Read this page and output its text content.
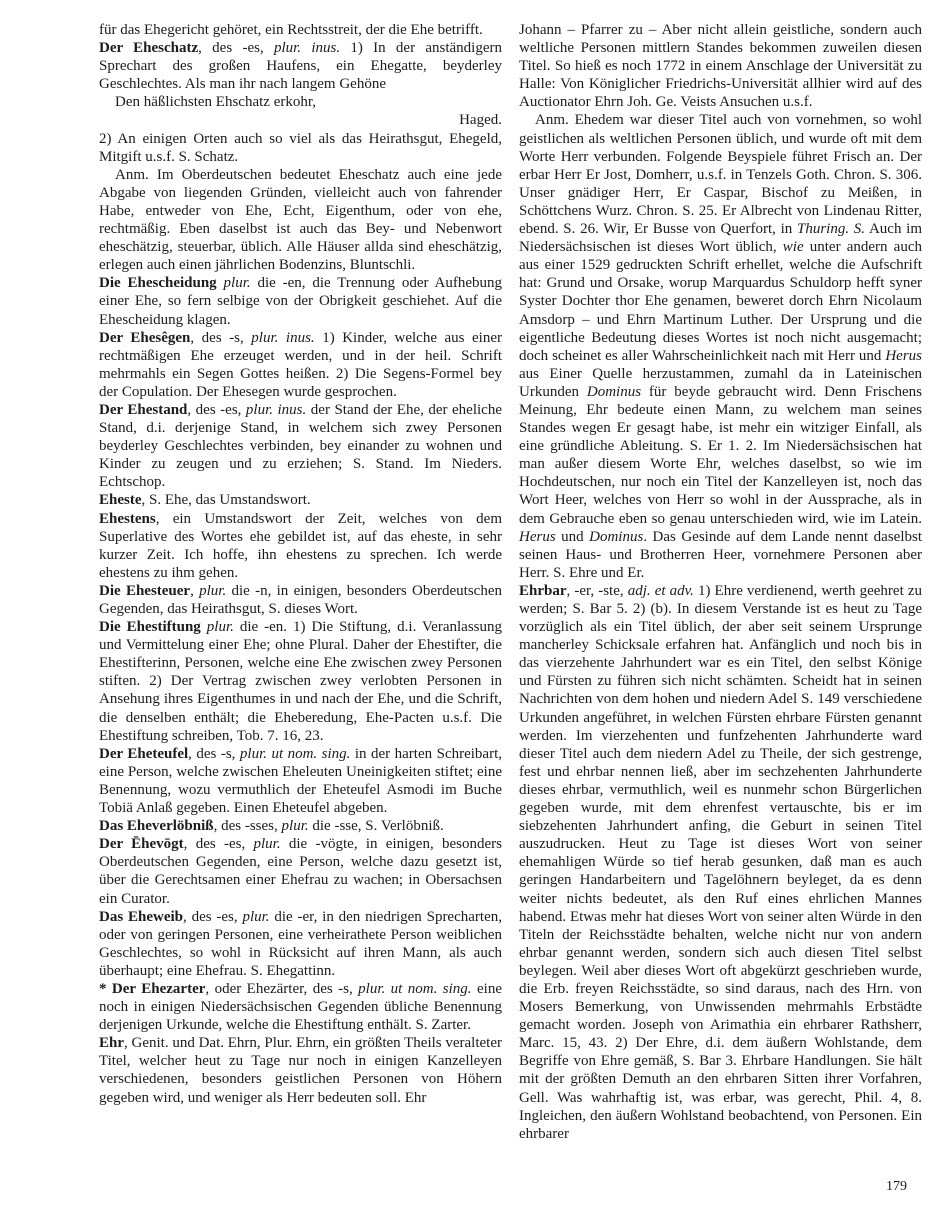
für das Ehegericht gehöret, ein Rechtsstreit, der die Ehe betrifft.
Der Eheschatz, des -es, plur. inus. 1) In der anständigern Sprechart des großen Haufens, ein Ehegatte, beyderley Geschlechtes. Als man ihr nach langem Gehöne
Den häßlichsten Ehschatz erkohr,
Haged.
2) An einigen Orten auch so viel als das Heirathsgut, Ehegeld, Mitgift u.s.f. S. Schatz.
Anm. Im Oberdeutschen bedeutet Eheschatz auch eine jede Abgabe von liegenden Gründen, vielleicht auch von fahrender Habe, entweder von Ehe, Echt, Eigenthum, oder von ehe, rechtmäßig. Eben daselbst ist auch das Bey- und Nebenwort eheschätzig, steuerbar, üblich. Alle Häuser allda sind eheschätzig, erlegen auch einen jährlichen Bodenzins, Bluntschli.
Die Ehescheidung plur. die -en, die Trennung oder Aufhebung einer Ehe, so fern selbige von der Obrigkeit geschiehet. Auf die Ehescheidung klagen.
Der Ehesêgen, des -s, plur. inus. 1) Kinder, welche aus einer rechtmäßigen Ehe erzeuget werden, und in der heil. Schrift mehrmahls ein Segen Gottes heißen. 2) Die Segens-Formel bey der Copulation. Der Ehesegen wurde gesprochen.
Der Ehestand, des -es, plur. inus. der Stand der Ehe, der eheliche Stand, d.i. derjenige Stand, in welchem sich zwey Personen beyderley Geschlechtes verbinden, bey einander zu wohnen und Kinder zu zeugen und zu erziehen; S. Stand. Im Nieders. Echtschop.
Eheste, S. Ehe, das Umstandswort.
Ehestens, ein Umstandswort der Zeit, welches von dem Superlative des Wortes ehe gebildet ist, auf das eheste, in sehr kurzer Zeit. Ich hoffe, ihn ehestens zu sprechen. Ich werde ehestens zu ihm gehen.
Die Ehesteuer, plur. die -n, in einigen, besonders Oberdeutschen Gegenden, das Heirathsgut, S. dieses Wort.
Die Ehestiftung plur. die -en. 1) Die Stiftung, d.i. Veranlassung und Vermittelung einer Ehe; ohne Plural. Daher der Ehestifter, die Ehestifterinn, Personen, welche eine Ehe zwischen zwey Personen stiften. 2) Der Vertrag zwischen zwey verlobten Personen in Ansehung ihres Eigenthumes in und nach der Ehe, und die Schrift, die denselben enthält; die Eheberedung, Ehe-Pacten u.s.f. Die Ehestiftung schreiben, Tob. 7. 16, 23.
Der Eheteufel, des -s, plur. ut nom. sing. in der harten Schreibart, eine Person, welche zwischen Eheleuten Uneinigkeiten stiftet; eine Benennung, wozu vermuthlich der Eheteufel Asmodi im Buche Tobiä Anlaß gegeben. Einen Eheteufel abgeben.
Das Eheverlöbniß, des -sses, plur. die -sse, S. Verlöbniß.
Der Ēhevōgt, des -es, plur. die -vögte, in einigen, besonders Oberdeutschen Gegenden, eine Person, welche dazu gesetzt ist, über die Gerechtsamen einer Ehefrau zu wachen; in Obersachsen ein Curator.
Das Eheweib, des -es, plur. die -er, in den niedrigen Sprecharten, oder von geringen Personen, eine verheirathete Person weiblichen Geschlechtes, so wohl in Rücksicht auf ihren Mann, als auch überhaupt; eine Ehefrau. S. Ehegattinn.
* Der Ehezarter, oder Ehezärter, des -s, plur. ut nom. sing. eine noch in einigen Niedersächsischen Gegenden übliche Benennung derjenigen Urkunde, welche die Ehestiftung enthält. S. Zarter.
Ehr, Genit. und Dat. Ehrn, Plur. Ehrn, ein größten Theils veralteter Titel, welcher heut zu Tage nur noch in einigen Kanzelleyen verschiedenen, besonders geistlichen Personen von Höhern gegeben wird, und weniger als Herr bedeuten soll. Ehr
Johann – Pfarrer zu – Aber nicht allein geistliche, sondern auch weltliche Personen mittlern Standes bekommen zuweilen diesen Titel. So hieß es noch 1772 in einem Anschlage der Universität zu Halle: Von Königlicher Friedrichs-Universität allhier wird auf des Auctionator Ehrn Joh. Ge. Veists Ansuchen u.s.f.
Anm. Ehedem war dieser Titel auch von vornehmen, so wohl geistlichen als weltlichen Personen üblich, und wurde oft mit dem Worte Herr verbunden. Folgende Beyspiele führet Frisch an. Der erbar Herr Er Jost, Domherr, u.s.f. in Tenzels Goth. Chron. S. 306. Unser gnädiger Herr, Er Caspar, Bischof zu Meißen, in Schöttchens Wurz. Chron. S. 25. Er Albrecht von Lindenau Ritter, ebend. S. 26. Wir, Er Busse von Querfort, in Thuring. S. Auch im Niedersächsischen ist dieses Wort üblich, wie unter andern auch aus einer 1529 gedruckten Schrift erhellet, welche die Aufschrift hat: Grund und Orsake, worup Marquardus Schuldorp hefft syner Syster Dochter thor Ehe genamen, beweret dorch Ehrn Nicolaum Amsdorp – und Ehrn Martinum Luther. Der Ursprung und die eigentliche Bedeutung dieses Wortes ist noch nicht ausgemacht; doch scheinet es aller Wahrscheinlichkeit nach mit Herr und Herus aus Einer Quelle herzustammen, zumahl da in Lateinischen Urkunden Dominus für beyde gebraucht wird. Denn Frischens Meinung, Ehr bedeute einen Mann, zu welchem man seines Standes wegen Er gesagt habe, ist mehr ein witziger Einfall, als eine gründliche Ableitung. S. Er 1. 2. Im Niedersächsischen hat man außer diesem Worte Ehr, welches daselbst, so wie im Hochdeutschen, nur noch ein Titel der Kanzelleyen ist, noch das Wort Heer, welches von Herr so wohl in der Aussprache, als in dem Gebrauche eben so genau unterschieden wird, wie im Latein. Herus und Dominus. Das Gesinde auf dem Lande nennt daselbst seinen Haus- und Brotherren Heer, vornehmere Personen aber Herr. S. Ehre und Er.
Ehrbar, -er, -ste, adj. et adv. 1) Ehre verdienend, werth geehret zu werden; S. Bar 5. 2) (b). In diesem Verstande ist es heut zu Tage vorzüglich als ein Titel üblich, der aber seit seinem Ursprunge mancherley Schicksale erfahren hat. Anfänglich und noch bis in das vierzehente Jahrhundert war es ein Titel, den selbst Könige und Fürsten zu führen sich nicht schämten. Scheidt hat in seinen Nachrichten von dem hohen und niedern Adel S. 149 verschiedene Urkunden angeführet, in welchen Fürsten ehrbare Fürsten genannt werden. Im vierzehenten und funfzehenten Jahrhunderte ward dieser Titel auch dem niedern Adel zu Theile, der sich gestrenge, fest und ehrbar nennen ließ, aber im sechzehenten Jahrhunderte dieses ehrbar, vermuthlich, weil es nunmehr schon Bürgerlichen gegeben wurde, mit dem ehrenfest vertauschte, bis er im siebzehenten Jahrhundert anfing, die Geburt in seinen Titel auszudrucken. Heut zu Tage ist dieses Wort von seiner ehemahligen Würde so tief herab gesunken, daß man es auch geringen Handarbeitern und Tagelöhnern beyleget, da es denn weiter nichts bedeutet, als den Ruf eines ehrlichen Mannes habend. Etwas mehr hat dieses Wort von seiner alten Würde in den Titeln der Reichsstädte behalten, welche nicht nur von andern ehrbar genannt werden, sondern sich auch diesen Titel selbst beylegen. Weil aber dieses Wort oft abgekürzt geschrieben wurde, die Erb. freyen Reichsstädte, so sind daraus, nach des Hrn. von Mosers Bemerkung, von Unwissenden mehrmahls Erbstädte gemacht worden. Joseph von Arimathia ein ehrbarer Rathsherr, Marc. 15, 43. 2) Der Ehre, d.i. dem äußern Wohlstande, dem Begriffe von Ehre gemäß, S. Bar 3. Ehrbare Handlungen. Sie hält mit der größten Demuth an den ehrbaren Sitten ihrer Vorfahren, Gell. Was wahrhaftig ist, was erbar, was gerecht, Phil. 4, 8. Ingleichen, den äußern Wohlstand beobachtend, von Personen. Ein ehrbarer
179
